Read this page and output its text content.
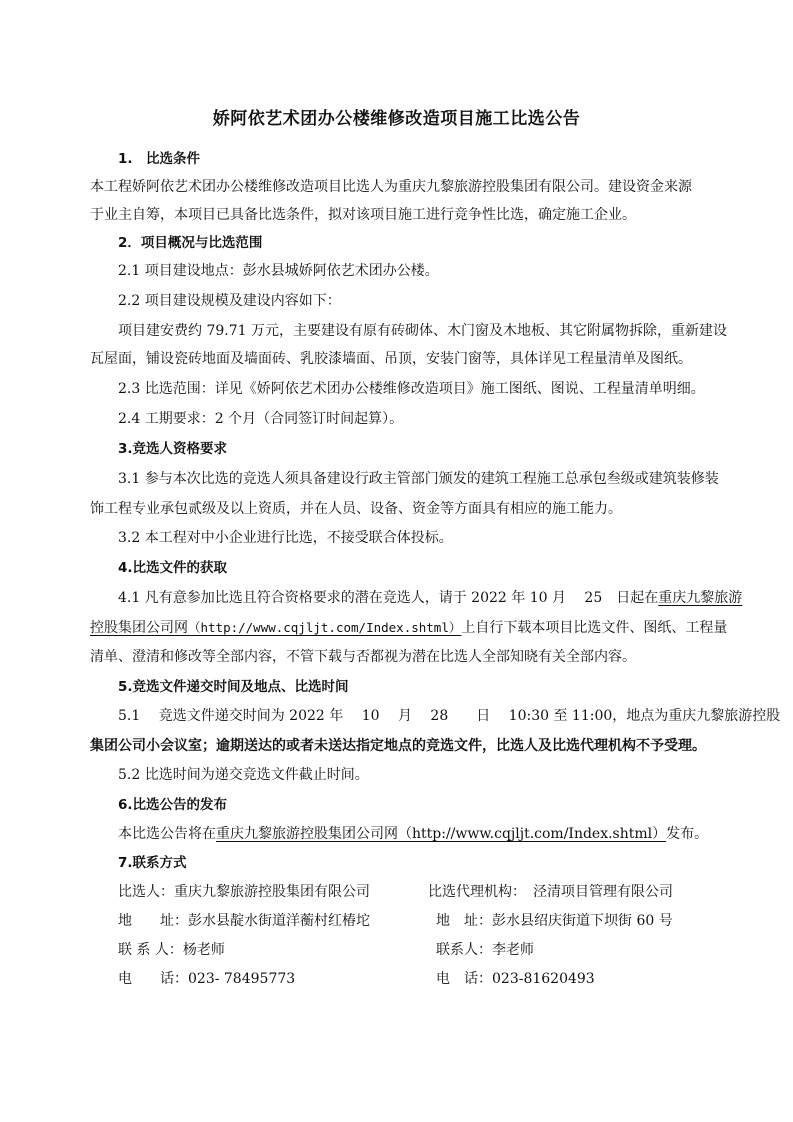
娇阿依艺术团办公楼维修改造项目施工比选公告
1.　比选条件
本工程娇阿依艺术团办公楼维修改造项目比选人为重庆九黎旅游控股集团有限公司。建设资金来源
于业主自筹，本项目已具备比选条件，拟对该项目施工进行竞争性比选，确定施工企业。
2．项目概况与比选范围
2.1 项目建设地点：彭水县城娇阿依艺术团办公楼。
2.2 项目建设规模及建设内容如下：
项目建安费约 79.71 万元，主要建设有原有砖砌体、木门窗及木地板、其它附属物拆除，重新建设
瓦屋面，铺设瓷砖地面及墙面砖、乳胶漆墙面、吊顶，安装门窗等，具体详见工程量清单及图纸。
2.3 比选范围：详见《娇阿依艺术团办公楼维修改造项目》施工图纸、图说、工程量清单明细。
2.4 工期要求：2 个月（合同签订时间起算）。
3.竞选人资格要求
3.1 参与本次比选的竞选人须具备建设行政主管部门颁发的建筑工程施工总承包叁级或建筑装修装
饰工程专业承包贰级及以上资质，并在人员、设备、资金等方面具有相应的施工能力。
3.2 本工程对中小企业进行比选，不接受联合体投标。
4.比选文件的获取
4.1 凡有意参加比选且符合资格要求的潜在竞选人，请于 2022 年 10 月　 25　日起在重庆九黎旅游
控股集团公司网（http://www.cqjljt.com/Index.shtml）上自行下载本项目比选文件、图纸、工程量
清单、澄清和修改等全部内容，不管下载与否都视为潜在比选人全部知晓有关全部内容。
5.竞选文件递交时间及地点、比选时间
5.1　 竞选文件递交时间为 2022 年　 10　 月　 28　　日　 10:30 至 11:00，地点为重庆九黎旅游控股
集团公司小会议室；逾期送达的或者未送达指定地点的竞选文件，比选人及比选代理机构不予受理。
5.2 比选时间为递交竞选文件截止时间。
6.比选公告的发布
本比选公告将在重庆九黎旅游控股集团公司网（http://www.cqjljt.com/Index.shtml）发布。
7.联系方式
比选人：重庆九黎旅游控股集团有限公司
地　　址：彭水县靛水街道洋蘅村红椿坨
联 系 人：杨老师
电　　话：023- 78495773
比选代理机构：　泾清项目管理有限公司
地　址：彭水县绍庆街道下坝街 60 号
联系人：李老师
电　话：023-81620493
